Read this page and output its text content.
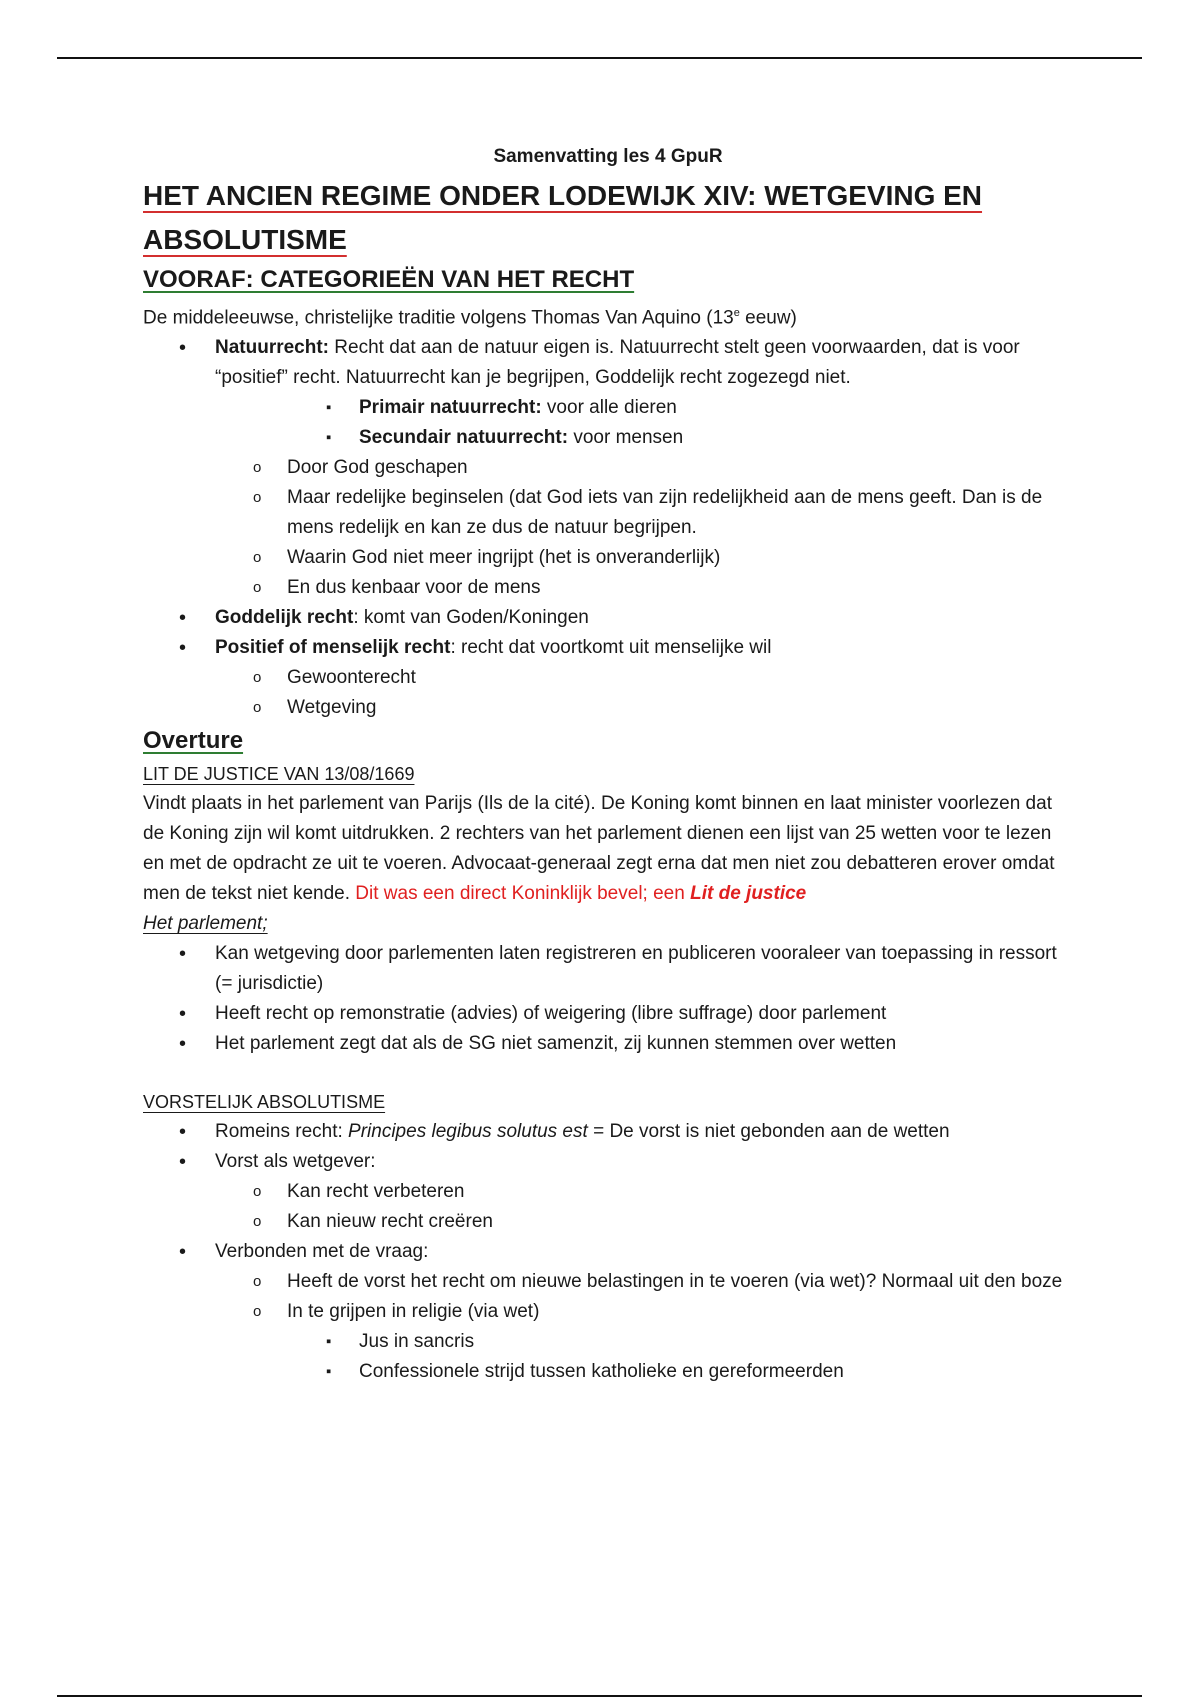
Samenvatting les 4 GpuR
HET ANCIEN REGIME ONDER LODEWIJK XIV: WETGEVING EN
ABSOLUTISME
VOORAF: CATEGORIEËN VAN HET RECHT

De middeleeuwse, christelijke traditie volgens Thomas Van Aquino (13e eeuw)

• Natuurrecht: Recht dat aan de natuur eigen is. Natuurrecht stelt geen voorwaarden, dat is voor “positief” recht. Natuurrecht kan je begrijpen, Goddelijk recht zogezegd niet.
▪ Primair natuurrecht: voor alle dieren
▪ Secundair natuurrecht: voor mensen
o Door God geschapen
o Maar redelijke beginselen (dat God iets van zijn redelijkheid aan de mens geeft. Dan is de mens redelijk en kan ze dus de natuur begrijpen.
o Waarin God niet meer ingrijpt (het is onveranderlijk)
o En dus kenbaar voor de mens
• Goddelijk recht: komt van Goden/Koningen
• Positief of menselijk recht: recht dat voortkomt uit menselijke wil
o Gewoonterecht
o Wetgeving
Overture
LIT DE JUSTICE VAN 13/08/1669

Vindt plaats in het parlement van Parijs (Ils de la cité). De Koning komt binnen en laat minister voorlezen dat de Koning zijn wil komt uitdrukken. 2 rechters van het parlement dienen een lijst van 25 wetten voor te lezen en met de opdracht ze uit te voeren. Advocaat-generaal zegt erna dat men niet zou debatteren erover omdat men de tekst niet kende. Dit was een direct Koninklijk bevel; een Lit de justice

Het parlement;

• Kan wetgeving door parlementen laten registreren en publiceren vooraleer van toepassing in ressort (= jurisdictie)
• Heeft recht op remonstratie (advies) of weigering (libre suffrage) door parlement
• Het parlement zegt dat als de SG niet samenzit, zij kunnen stemmen over wetten
VORSTELIJK ABSOLUTISME
• Romeins recht: Principes legibus solutus est = De vorst is niet gebonden aan de wetten
• Vorst als wetgever:
o Kan recht verbeteren
o Kan nieuw recht creëren
• Verbonden met de vraag:
o Heeft de vorst het recht om nieuwe belastingen in te voeren (via wet)? Normaal uit den boze
o In te grijpen in religie (via wet)
▪ Jus in sancris
▪ Confessionele strijd tussen katholieke en gereformeerden
